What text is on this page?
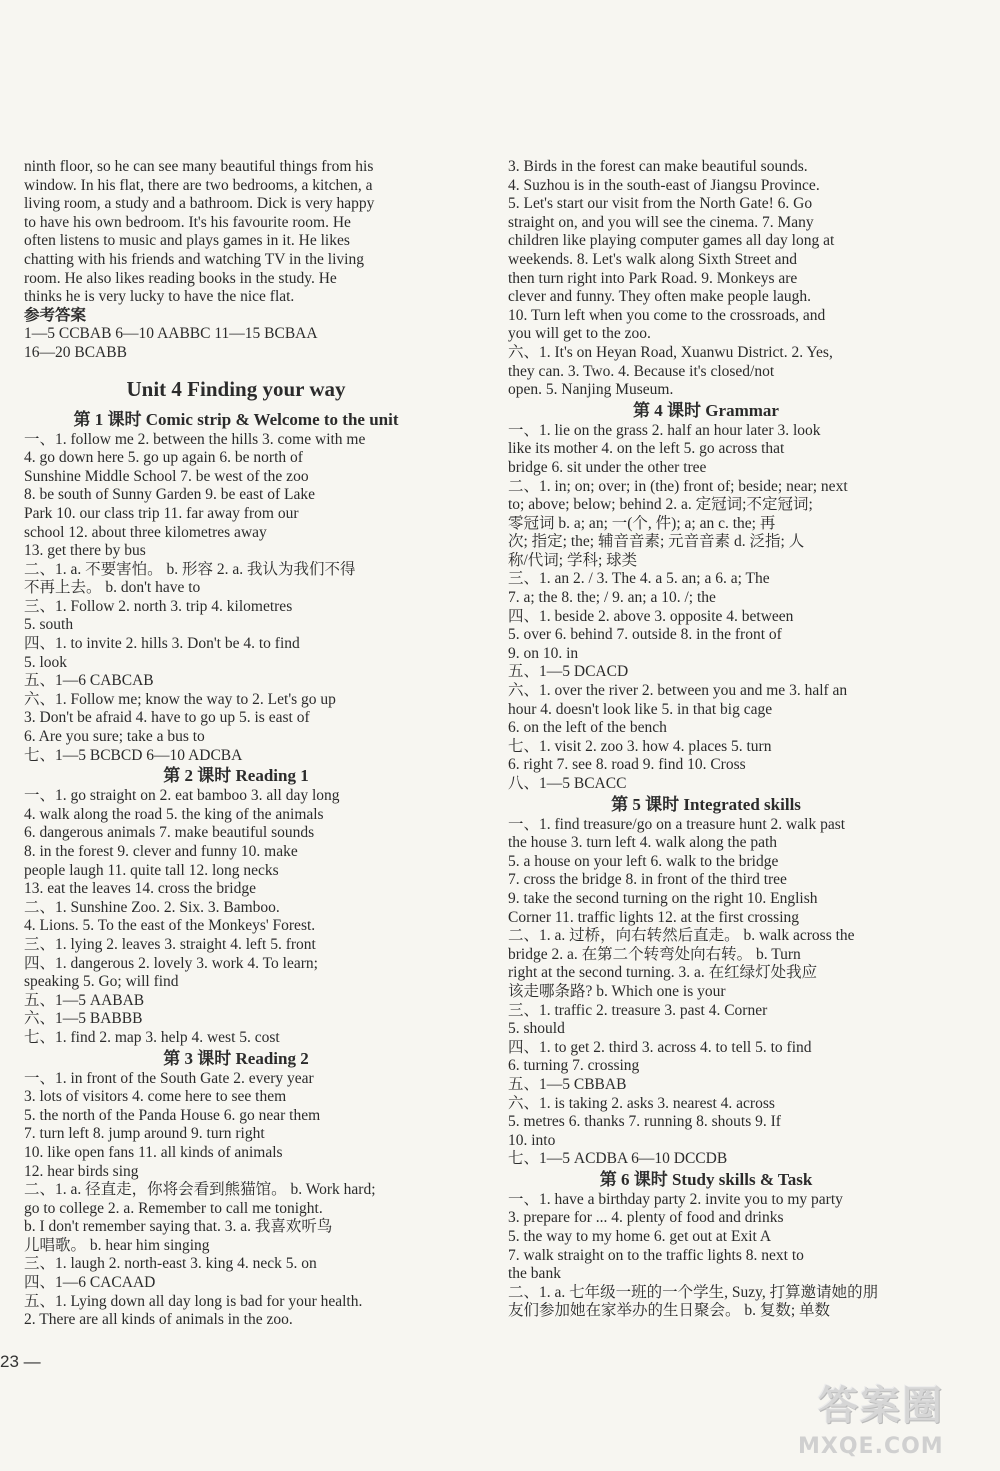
ninth floor, so he can see many beautiful things from his
window. In his flat, there are two bedrooms, a kitchen, a
living room, a study and a bathroom. Dick is very happy
to have his own bedroom. It's his favourite room. He
often listens to music and plays games in it. He likes
chatting with his friends and watching TV in the living
room. He also likes reading books in the study. He
thinks he is very lucky to have the nice flat.
参考答案
1—5 CCBAB 6—10 AABBC 11—15 BCBAA
16—20 BCABB
Unit 4 Finding your way
第 1 课时 Comic strip & Welcome to the unit
一、1. follow me 2. between the hills 3. come with me
4. go down here 5. go up again 6. be north of
Sunshine Middle School 7. be west of the zoo
8. be south of Sunny Garden 9. be east of Lake
Park 10. our class trip 11. far away from our
school 12. about three kilometres away
13. get there by bus
二、1. a. 不要害怕。 b. 形容 2. a. 我认为我们不得
不再上去。 b. don't have to
三、1. Follow 2. north 3. trip 4. kilometres
5. south
四、1. to invite 2. hills 3. Don't be 4. to find
5. look
五、1—6 CABCAB
六、1. Follow me; know the way to 2. Let's go up
3. Don't be afraid 4. have to go up 5. is east of
6. Are you sure; take a bus to
七、1—5 BCBCD 6—10 ADCBA
第 2 课时 Reading 1
一、1. go straight on 2. eat bamboo 3. all day long
4. walk along the road 5. the king of the animals
6. dangerous animals 7. make beautiful sounds
8. in the forest 9. clever and funny 10. make
people laugh 11. quite tall 12. long necks
13. eat the leaves 14. cross the bridge
二、1. Sunshine Zoo. 2. Six. 3. Bamboo.
4. Lions. 5. To the east of the Monkeys' Forest.
三、1. lying 2. leaves 3. straight 4. left 5. front
四、1. dangerous 2. lovely 3. work 4. To learn;
speaking 5. Go; will find
五、1—5 AABAB
六、1—5 BABBB
七、1. find 2. map 3. help 4. west 5. cost
第 3 课时 Reading 2
一、1. in front of the South Gate 2. every year
3. lots of visitors 4. come here to see them
5. the north of the Panda House 6. go near them
7. turn left 8. jump around 9. turn right
10. like open fans 11. all kinds of animals
12. hear birds sing
二、1. a. 径直走，你将会看到熊猫馆。 b. Work hard;
go to college 2. a. Remember to call me tonight.
b. I don't remember saying that. 3. a. 我喜欢听鸟
儿唱歌。 b. hear him singing
三、1. laugh 2. north-east 3. king 4. neck 5. on
四、1—6 CACAAD
五、1. Lying down all day long is bad for your health.
2. There are all kinds of animals in the zoo.
3. Birds in the forest can make beautiful sounds.
4. Suzhou is in the south-east of Jiangsu Province.
5. Let's start our visit from the North Gate! 6. Go
straight on, and you will see the cinema. 7. Many
children like playing computer games all day long at
weekends. 8. Let's walk along Sixth Street and
then turn right into Park Road. 9. Monkeys are
clever and funny. They often make people laugh.
10. Turn left when you come to the crossroads, and
you will get to the zoo.
六、1. It's on Heyan Road, Xuanwu District. 2. Yes,
they can. 3. Two. 4. Because it's closed/not
open. 5. Nanjing Museum.
第 4 课时 Grammar
一、1. lie on the grass 2. half an hour later 3. look
like its mother 4. on the left 5. go across that
bridge 6. sit under the other tree
二、1. in; on; over; in (the) front of; beside; near; next
to; above; below; behind 2. a. 定冠词;不定冠词;
零冠词 b. a; an; 一(个, 件); a; an c. the; 再
次; 指定; the; 辅音音素; 元音音素 d. 泛指; 人
称/代词; 学科; 球类
三、1. an 2. / 3. The 4. a 5. an; a 6. a; The
7. a; the 8. the; / 9. an; a 10. /; the
四、1. beside 2. above 3. opposite 4. between
5. over 6. behind 7. outside 8. in the front of
9. on 10. in
五、1—5 DCACD
六、1. over the river 2. between you and me 3. half an
hour 4. doesn't look like 5. in that big cage
6. on the left of the bench
七、1. visit 2. zoo 3. how 4. places 5. turn
6. right 7. see 8. road 9. find 10. Cross
八、1—5 BCACC
第 5 课时 Integrated skills
一、1. find treasure/go on a treasure hunt 2. walk past
the house 3. turn left 4. walk along the path
5. a house on your left 6. walk to the bridge
7. cross the bridge 8. in front of the third tree
9. take the second turning on the right 10. English
Corner 11. traffic lights 12. at the first crossing
二、1. a. 过桥，向右转然后直走。 b. walk across the
bridge 2. a. 在第二个转弯处向右转。 b. Turn
right at the second turning. 3. a. 在红绿灯处我应
该走哪条路? b. Which one is your
三、1. traffic 2. treasure 3. past 4. Corner
5. should
四、1. to get 2. third 3. across 4. to tell 5. to find
6. turning 7. crossing
五、1—5 CBBAB
六、1. is taking 2. asks 3. nearest 4. across
5. metres 6. thanks 7. running 8. shouts 9. If
10. into
七、1—5 ACDBA 6—10 DCCDB
第 6 课时 Study skills & Task
一、1. have a birthday party 2. invite you to my party
3. prepare for ... 4. plenty of food and drinks
5. the way to my home 6. get out at Exit A
7. walk straight on to the traffic lights 8. next to
the bank
二、1. a. 七年级一班的一个学生, Suzy, 打算邀请她的朋
友们参加她在家举办的生日聚会。 b. 复数; 单数
23 —
答案圈
MXQE.COM
